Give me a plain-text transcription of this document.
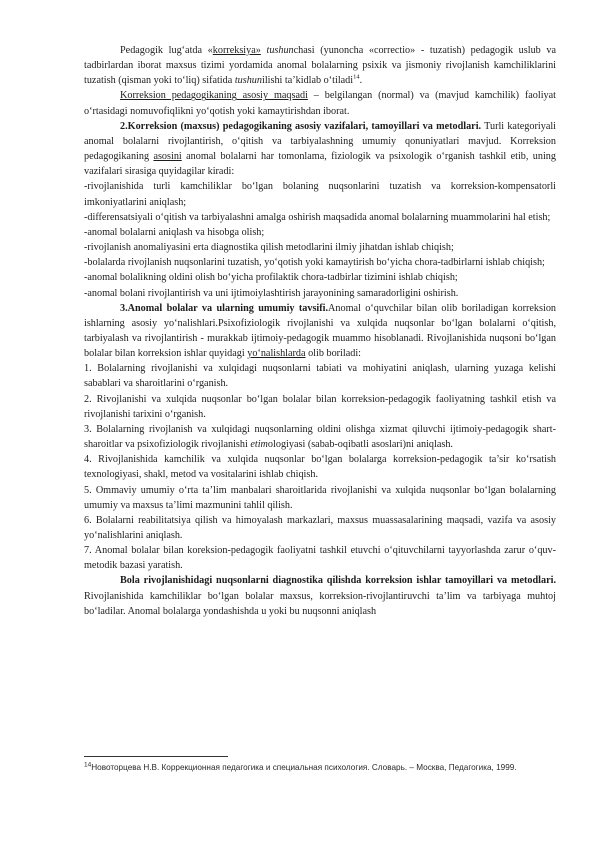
Pedagogik lug‘atda «korreksiya» tushunchasi (yunoncha «correctio» - tuzatish) pedagogik uslub va tadbirlardan iborat maxsus tizimi yordamida anomal bolalarning psixik va jismoniy rivojlanish kamchiliklarini tuzatish (qisman yoki to‘liq) sifatida tushunilishi ta’kidlab o‘tiladi$^{14}$.

Korreksion pedagogikaning asosiy maqsadi – belgilangan (normal) va (mavjud kamchilik) faoliyat o‘rtasidagi nomuvofiqlikni yo‘qotish yoki kamaytirishdan iborat.

2.Korreksion (maxsus) pedagogikaning asosiy vazifalari, tamoyillari va metodlari. Turli kategoriyali anomal bolalarni rivojlantirish, o‘qitish va tarbiyalashning umumiy qonuniyatlari mavjud. Korreksion pedagogikaning asosini anomal bolalarni har tomonlama, fiziologik va psixologik o‘rganish tashkil etib, uning vazifalari sirasiga quyidagilar kiradi:

-rivojlanishida turli kamchiliklar bo‘lgan bolaning nuqsonlarini tuzatish va korreksion-kompensatorli imkoniyatlarini aniqlash;

-differensatsiyali o‘qitish va tarbiyalashni amalga oshirish maqsadida anomal bolalarning muammolarini hal etish;

-anomal bolalarni aniqlash va hisobga olish;

-rivojlanish anomaliyasini erta diagnostika qilish metodlarini ilmiy jihatdan ishlab chiqish;

-bolalarda rivojlanish nuqsonlarini tuzatish, yo‘qotish yoki kamaytirish bo‘yicha chora-tadbirlarni ishlab chiqish;

-anomal bolalikning oldini olish bo‘yicha profilaktik chora-tadbirlar tizimini ishlab chiqish;

-anomal bolani rivojlantirish va uni ijtimoiylashtirish jarayonining samaradorligini oshirish.

3.Anomal bolalar va ularning umumiy tavsifi.Anomal o‘quvchilar bilan olib boriladigan korreksion ishlarning asosiy yo‘nalishlari.Psixofiziologik rivojlanishi va xulqida nuqsonlar bo‘lgan bolalarni o‘qitish, tarbiyalash va rivojlantirish - murakkab ijtimoiy-pedagogik muammo hisoblanadi. Rivojlanishida nuqsoni bo‘lgan bolalar bilan korreksion ishlar quyidagi yo‘nalishlarda olib boriladi:

1. Bolalarning rivojlanishi va xulqidagi nuqsonlarni tabiati va mohiyatini aniqlash, ularning yuzaga kelishi sabablari va sharoitlarini o‘rganish.

2. Rivojlanishi va xulqida nuqsonlar bo‘lgan bolalar bilan korreksion-pedagogik faoliyatning tashkil etish va rivojlanishi tarixini o‘rganish.

3. Bolalarning rivojlanish va xulqidagi nuqsonlarning oldini olishga xizmat qiluvchi ijtimoiy-pedagogik shart-sharoitlar va psixofiziologik rivojlanishi etimologiyasi (sabab-oqibatli asoslari)ni aniqlash.

4. Rivojlanishida kamchilik va xulqida nuqsonlar bo‘lgan bolalarga korreksion-pedagogik ta’sir ko‘rsatish texnologiyasi, shakl, metod va vositalarini ishlab chiqish.

5. Ommaviy umumiy o‘rta ta’lim manbalari sharoitlarida rivojlanishi va xulqida nuqsonlar bo‘lgan bolalarning umumiy va maxsus ta’limi mazmunini tahlil qilish.

6. Bolalarni reabilitatsiya qilish va himoyalash markazlari, maxsus muassasalarining maqsadi, vazifa va asosiy yo‘nalishlarini aniqlash.

7. Anomal bolalar bilan koreksion-pedagogik faoliyatni tashkil etuvchi o‘qituvchilarni tayyorlashda zarur o‘quv-metodik bazasi yaratish.

Bola rivojlanishidagi nuqsonlarni diagnostika qilishda korreksion ishlar tamoyillari va metodlari. Rivojlanishida kamchiliklar bo‘lgan bolalar maxsus, korreksion-rivojlantiruvchi ta’lim va tarbiyaga muhtoj bo‘ladilar. Anomal bolalarga yondashishda u yoki bu nuqsonni aniqlash

$^{14}$Новоторцева Н.В. Коррекционная педагогика и специальная психология. Словарь. – Москва, Педагогика, 1999.
